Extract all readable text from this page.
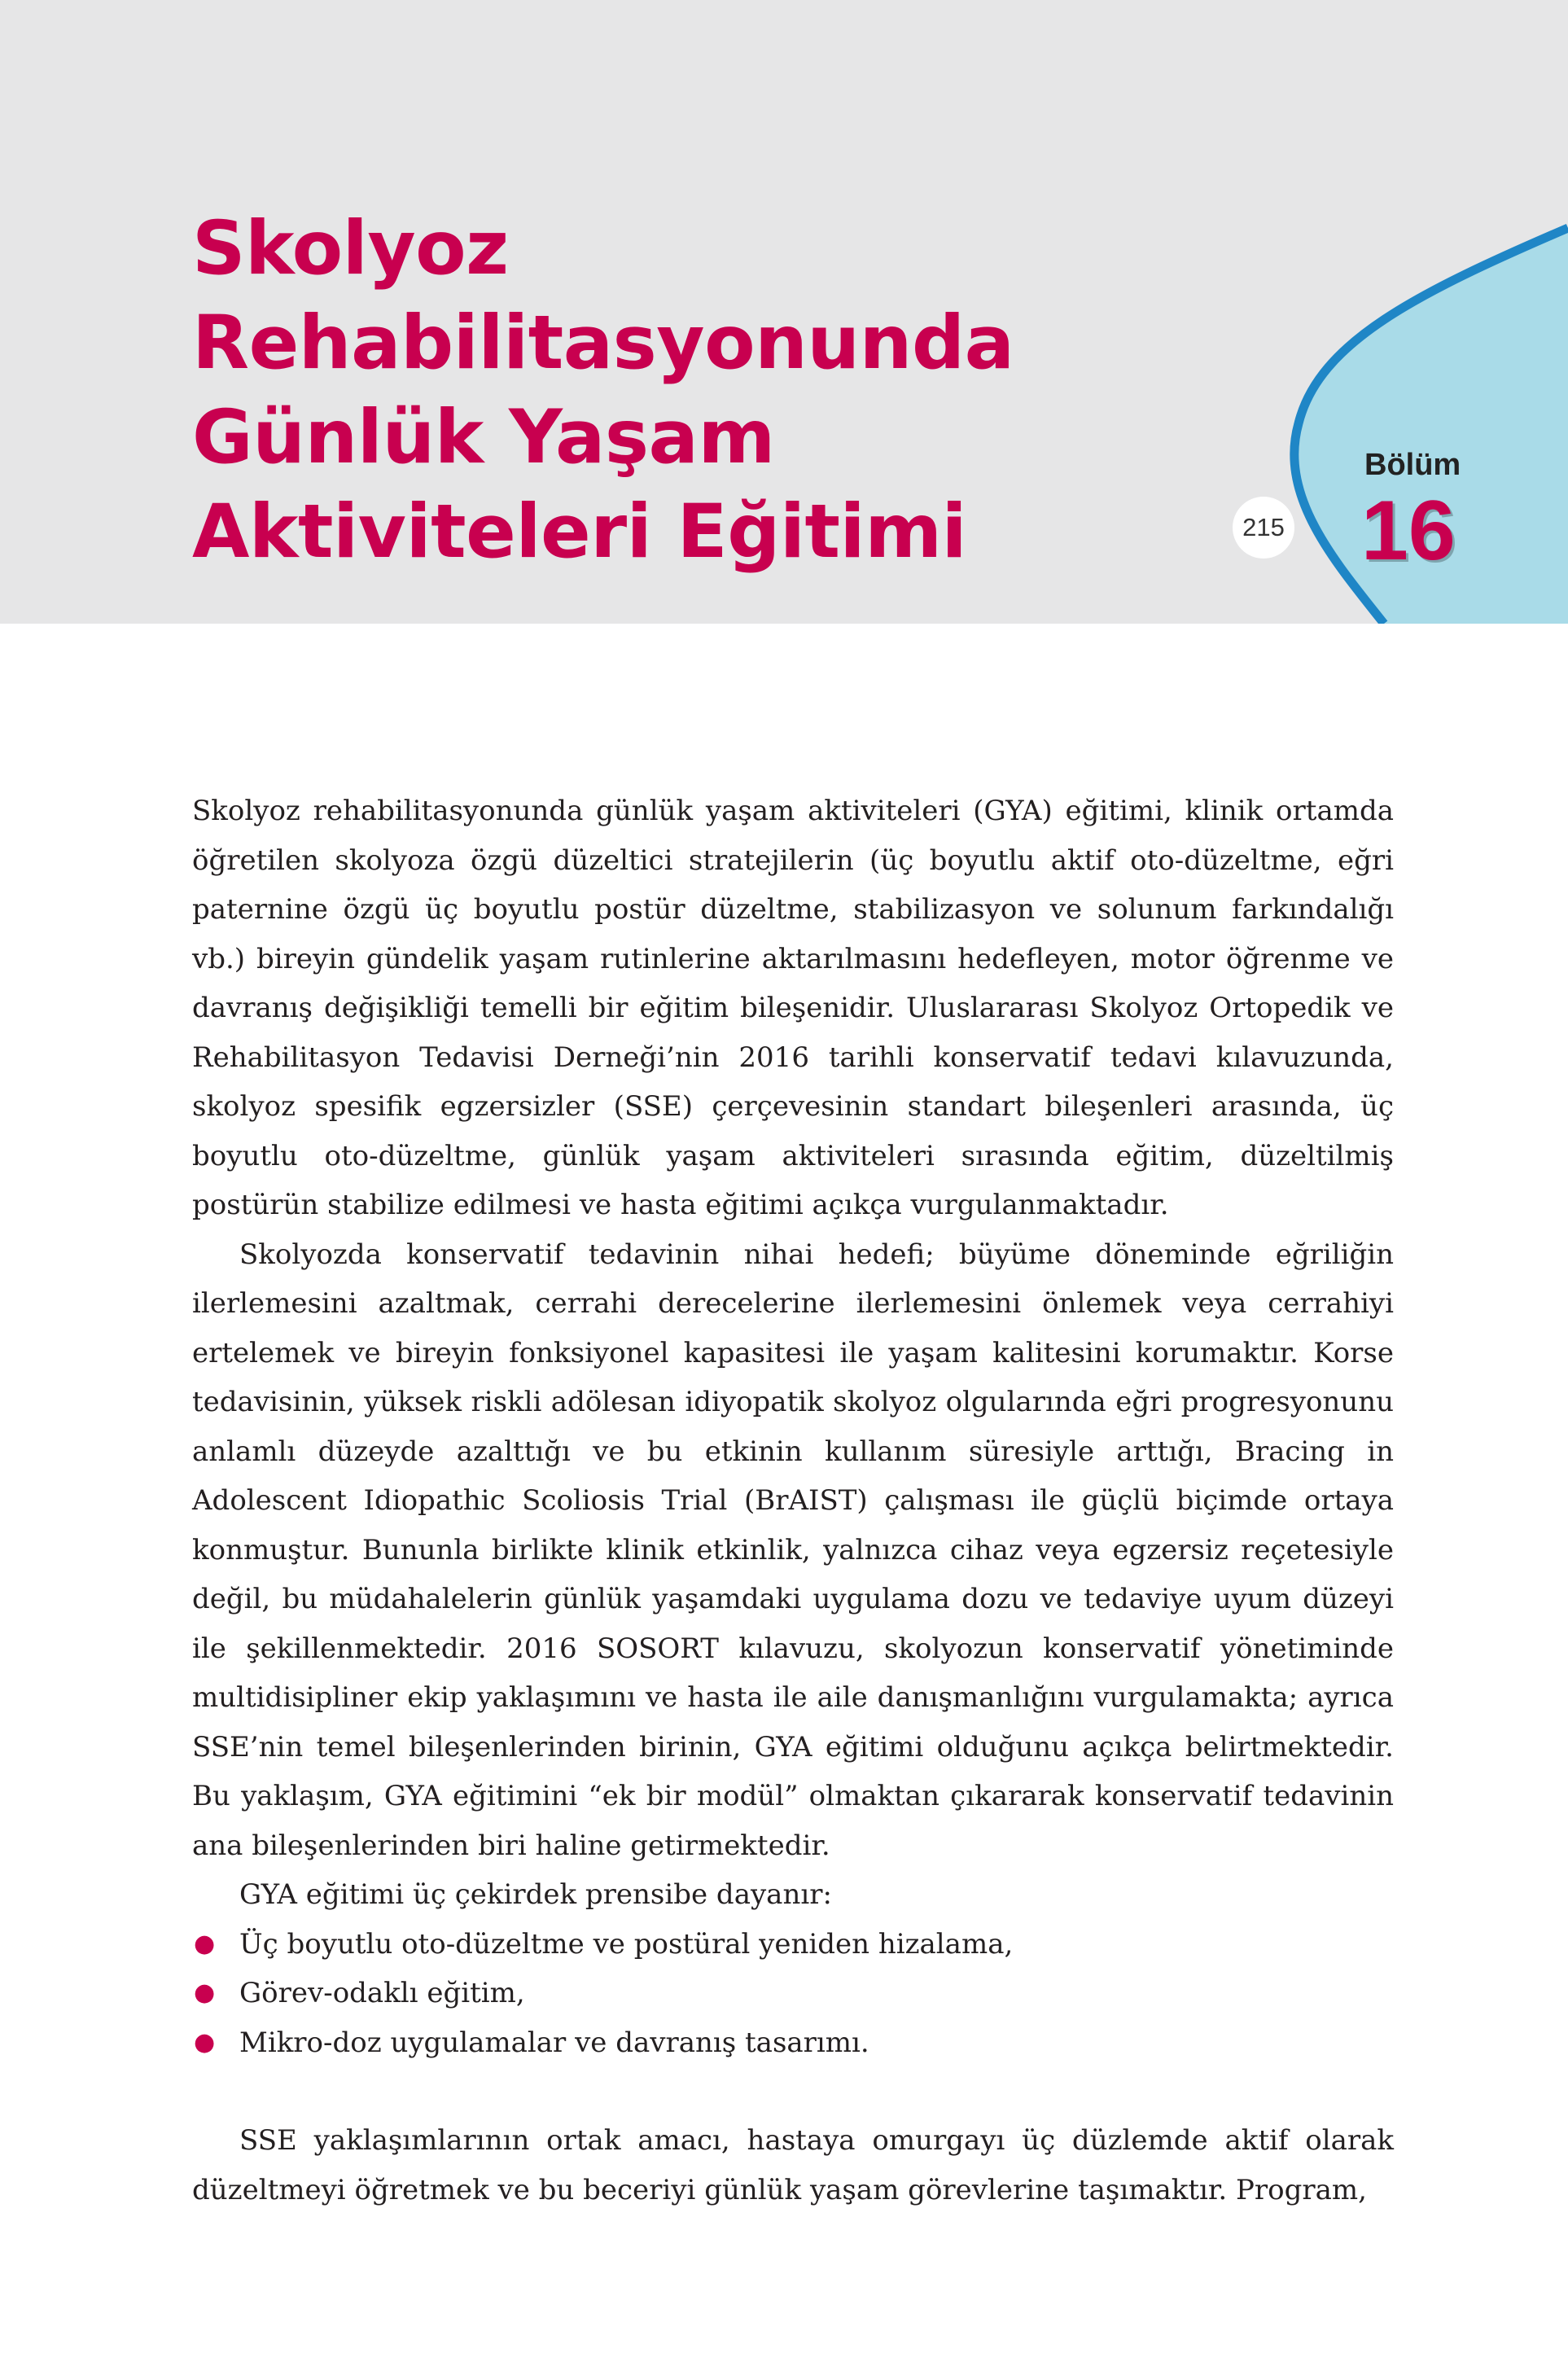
Skolyoz
Rehabilitasyonunda
Günlük Yaşam
Aktiviteleri Eğitimi	215
Bölüm
16

Skolyoz rehabilitasyonunda günlük yaşam aktiviteleri (GYA) eğitimi, klinik ortamda öğretilen skolyoza özgü düzeltici stratejilerin (üç boyutlu aktif oto-düzeltme, eğri paternine özgü üç boyutlu postür düzeltme, stabilizasyon ve solunum farkındalığı vb.) bireyin gündelik yaşam rutinlerine aktarılmasını hedefleyen, motor öğrenme ve davranış değişikliği temelli bir eğitim bileşenidir. Uluslararası Skolyoz Ortopedik ve Rehabilitasyon Tedavisi Derneği’nin 2016 tarihli konservatif tedavi kılavuzunda, skolyoz spesifik egzersizler (SSE) çerçevesinin standart bileşenleri arasında, üç boyutlu oto-düzeltme, günlük yaşam aktiviteleri sırasında eğitim, düzeltilmiş postürün stabilize edilmesi ve hasta eğitimi açıkça vurgulanmaktadır.

Skolyozda konservatif tedavinin nihai hedefi; büyüme döneminde eğriliğin ilerlemesini azaltmak, cerrahi derecelerine ilerlemesini önlemek veya cerrahiyi ertelemek ve bireyin fonksiyonel kapasitesi ile yaşam kalitesini korumaktır. Korse tedavisinin, yüksek riskli adölesan idiyopatik skolyoz olgularında eğri progresyonunu anlamlı düzeyde azalttığı ve bu etkinin kullanım süresiyle arttığı, Bracing in Adolescent Idiopathic Scoliosis Trial (BrAIST) çalışması ile güçlü biçimde ortaya konmuştur. Bununla birlikte klinik etkinlik, yalnızca cihaz veya egzersiz reçetesiyle değil, bu müdahalelerin günlük yaşamdaki uygulama dozu ve tedaviye uyum düzeyi ile şekillenmektedir. 2016 SOSORT kılavuzu, skolyozun konservatif yönetiminde multidisipliner ekip yaklaşımını ve hasta ile aile danışmanlığını vurgulamakta; ayrıca SSE’nin temel bileşenlerinden birinin, GYA eğitimi olduğunu açıkça belirtmektedir. Bu yaklaşım, GYA eğitimini “ek bir modül” olmaktan çıkararak konservatif tedavinin ana bileşenlerinden biri haline getirmektedir.

GYA eğitimi üç çekirdek prensibe dayanır:

● Üç boyutlu oto-düzeltme ve postüral yeniden hizalama,
● Görev-odaklı eğitim,
● Mikro-doz uygulamalar ve davranış tasarımı.

SSE yaklaşımlarının ortak amacı, hastaya omurgayı üç düzlemde aktif olarak düzeltmeyi öğretmek ve bu beceriyi günlük yaşam görevlerine taşımaktır. Program,
